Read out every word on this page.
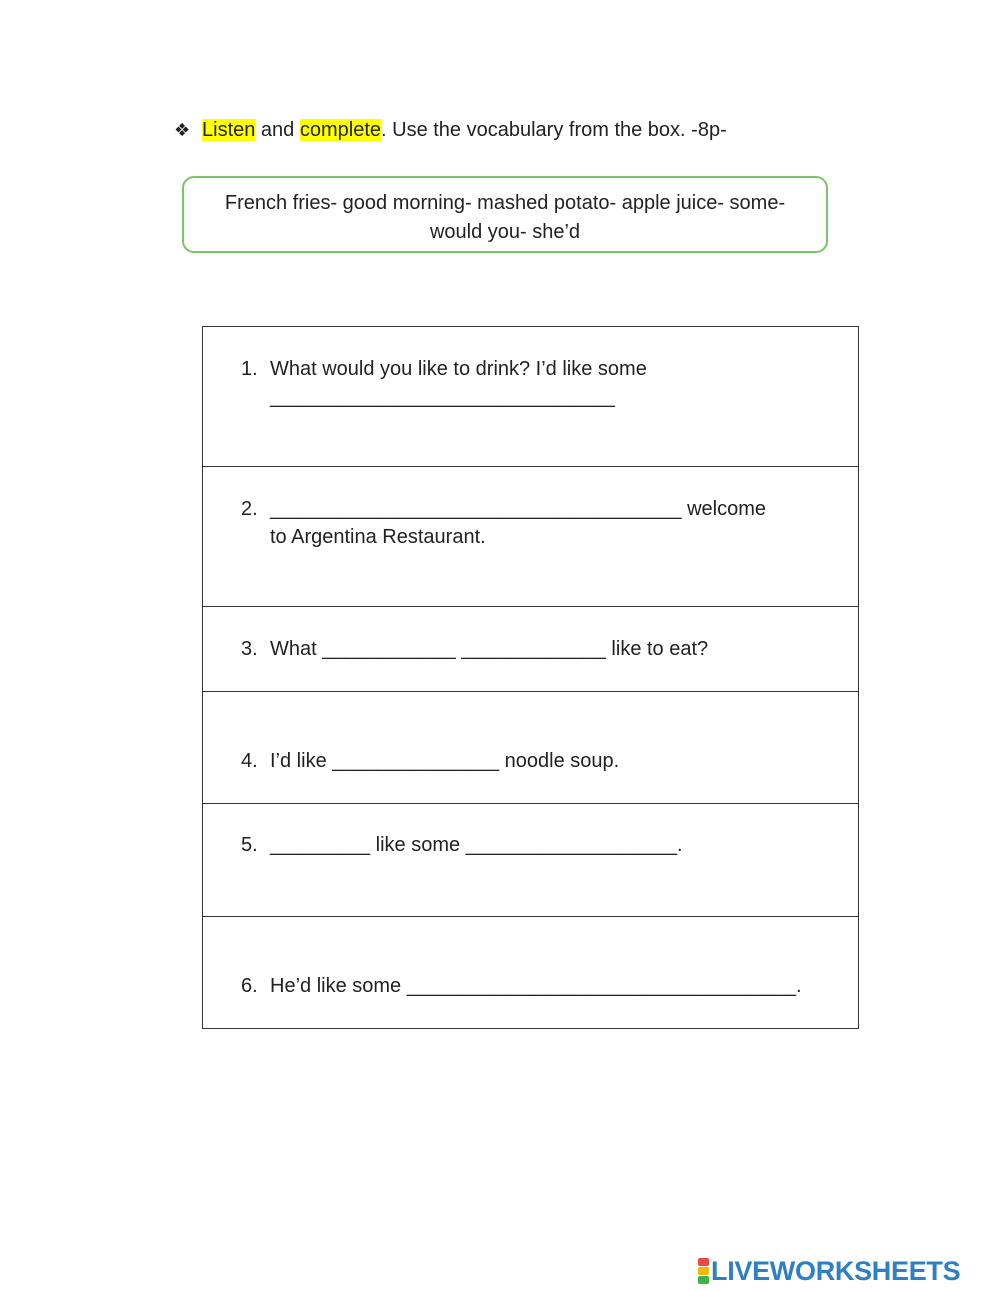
❖ Listen and complete. Use the vocabulary from the box. -8p-
French fries- good morning- mashed potato- apple juice- some-
would you- she’d
1. What would you like to drink? I’d like some _______________________________

2. _____________________________________ welcome to Argentina Restaurant.

3. What ____________ _____________ like to eat?

4. I’d like _______________ noodle soup.

5. _________ like some ___________________.

6. He’d like some ___________________________________.
LIVEWORKSHEETS
